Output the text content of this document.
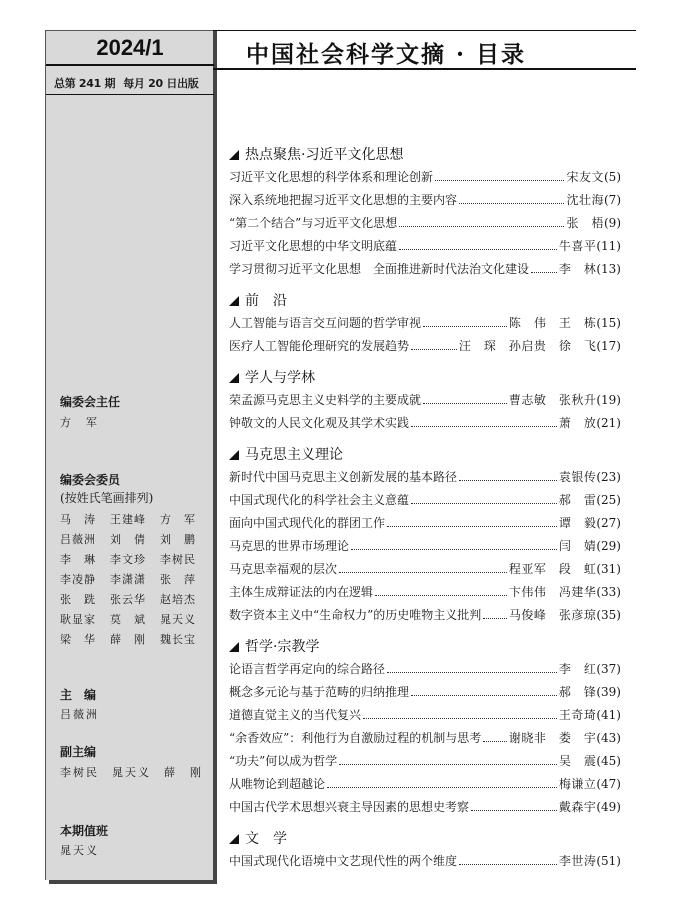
2024/1
总第 241 期 每月 20 日出版
编委会主任
方　军
编委会委员
(按姓氏笔画排列)
马　涛	王建峰	方　军
吕薇洲	刘　倩	刘　鹏
李　琳	李文珍	李树民
李凌静	李潇潇	张　萍
张　跣	张云华	赵培杰
耿显家	莫　斌	晁天义
梁　华	薛　刚	魏长宝
主　编
吕薇洲
副主编
李树民　晁天义　薛　刚
本期值班
晁天义
中国社会科学文摘 · 目录
热点聚焦·习近平文化思想
习近平文化思想的科学体系和理论创新	宋友文 (5)
深入系统地把握习近平文化思想的主要内容	沈壮海 (7)
“第二个结合”与习近平文化思想	张　梧 (9)
习近平文化思想的中华文明底蕴	牛喜平 (11)
学习贯彻习近平文化思想　全面推进新时代法治文化建设 李　林 (13)
前　沿
人工智能与语言交互问题的哲学审视	陈　伟　王　栋 (15)
医疗人工智能伦理研究的发展趋势	汪　琛　孙启贵　徐　飞 (17)
学人与学林
荣孟源马克思主义史料学的主要成就	曹志敏　张秋升 (19)
钟敬文的人民文化观及其学术实践	萧　放 (21)
马克思主义理论
新时代中国马克思主义创新发展的基本路径	袁银传 (23)
中国式现代化的科学社会主义意蕴	郝　雷 (25)
面向中国式现代化的群团工作	谭　毅 (27)
马克思的世界市场理论	闫　婧 (29)
马克思幸福观的层次	程亚军　段　虹 (31)
主体生成辩证法的内在逻辑	卞伟伟　冯建华 (33)
数字资本主义中“生命权力”的历史唯物主义批判 马俊峰　张彦琼 (35)
哲学·宗教学
论语言哲学再定向的综合路径	李　红 (37)
概念多元论与基于范畴的归纳推理	郝　锋 (39)
道德直觉主义的当代复兴	王奇琦 (41)
“余香效应”：利他行为自激励过程的机制与思考 谢晓非　娄　宇 (43)
“功夫”何以成为哲学	吴　震 (45)
从唯物论到超越论	梅谦立 (47)
中国古代学术思想兴衰主导因素的思想史考察	戴森宇 (49)
文　学
中国式现代化语境中文艺现代性的两个维度	李世涛 (51)
